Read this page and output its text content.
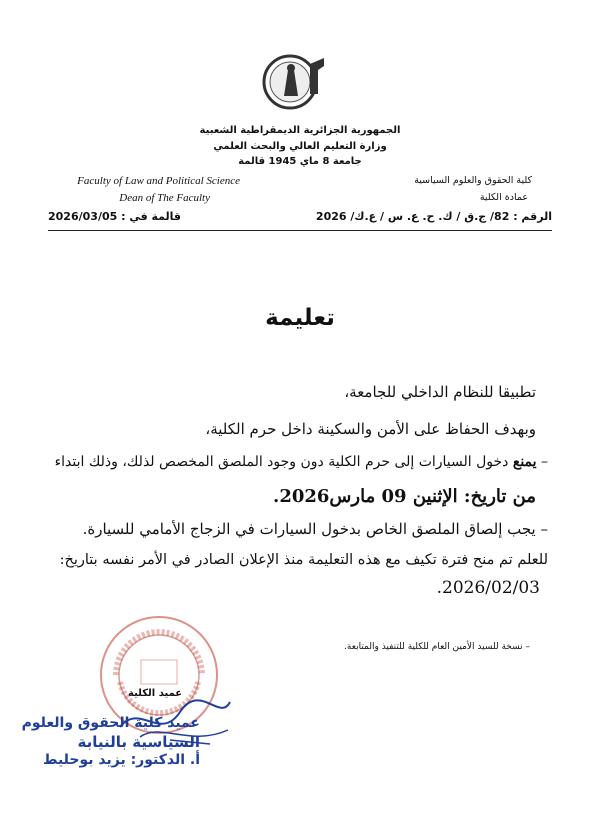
الجمهورية الجزائرية الديمقراطية الشعبية
وزارة التعليم العالي والبحث العلمي
جامعة 8 ماي 1945 قالمة
Faculty of Law and Political Science
Dean of The Faculty
كلية الحقوق والعلوم السياسية
عمادة الكلية
الرقم : 82/ ج.ق / ك. ح. ع. س / ع.ك/ 2026
قالمة في : 2026/03/05
تعليمة
تطبيقا للنظام الداخلي للجامعة،
وبهدف الحفاظ على الأمن والسكينة داخل حرم الكلية،
– يمنع دخول السيارات إلى حرم الكلية دون وجود الملصق المخصص لذلك، وذلك ابتداء
من تاريخ: الإثنين 09 مارس2026.
– يجب إلصاق الملصق الخاص بدخول السيارات في الزجاج الأمامي للسيارة.
للعلم تم منح فترة تكيف مع هذه التعليمة منذ الإعلان الصادر في الأمر نفسه بتاريخ:
2026/02/03.
– نسخة للسيد الأمين العام للكلية للتنفيذ والمتابعة.
عميد الكلية
عميد كلية الحقوق والعلوم
السياسية بالنيابة
أ. الدكتور: يزيد بوحليط
